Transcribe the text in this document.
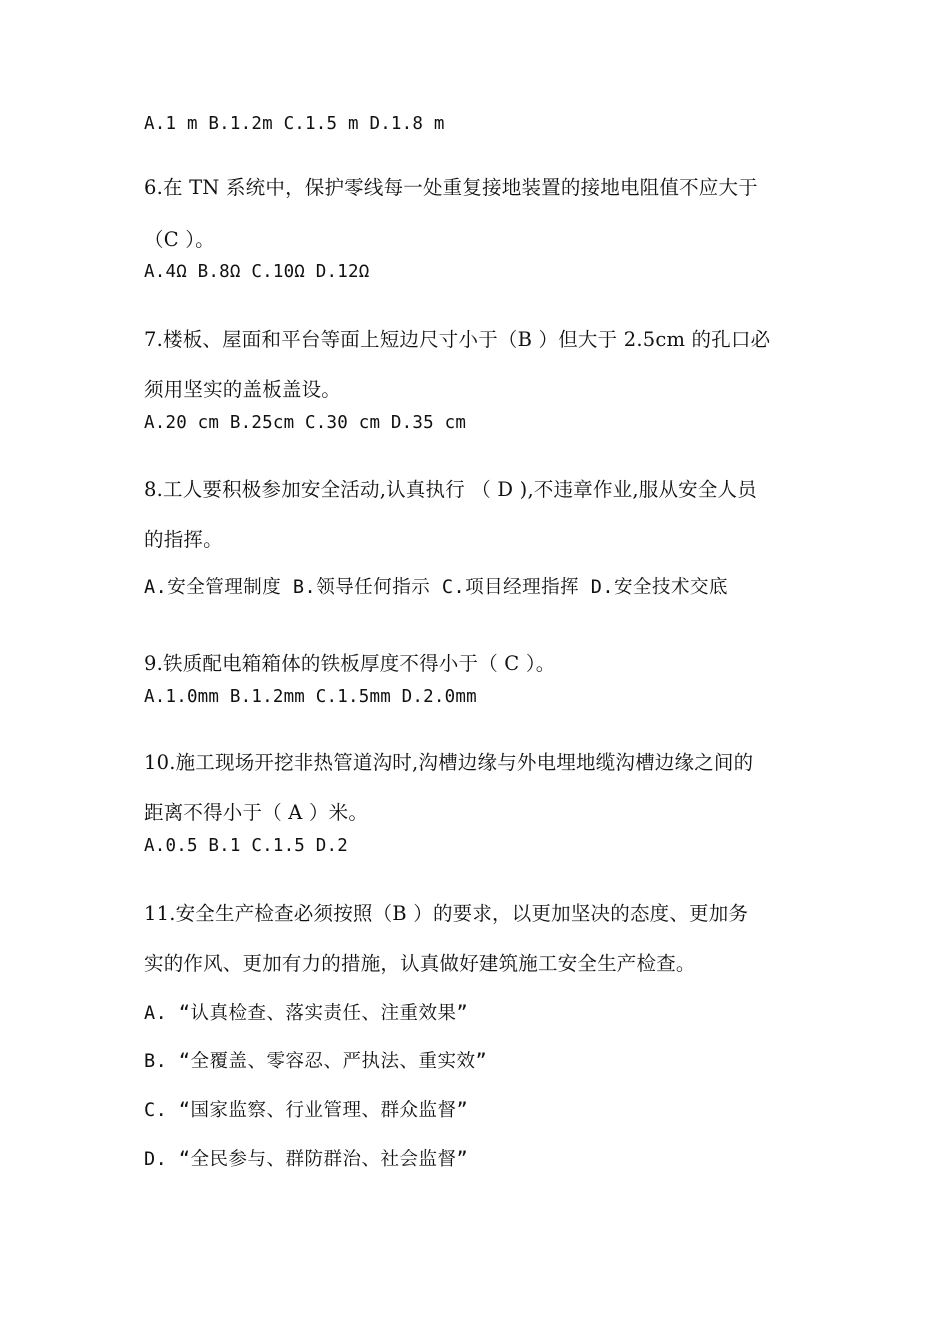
A.1 m B.1.2m C.1.5 m D.1.8 m
6.在 TN 系统中，保护零线每一处重复接地装置的接地电阻值不应大于
（C ）。
A.4Ω B.8Ω C.10Ω D.12Ω
7.楼板、屋面和平台等面上短边尺寸小于（B ）但大于 2.5cm 的孔口必
须用坚实的盖板盖设。
A.20 cm B.25cm C.30 cm D.35 cm
8.工人要积极参加安全活动,认真执行 （ D ),不违章作业,服从安全人员
的指挥。
A.安全管理制度 B.领导任何指示 C.项目经理指挥 D.安全技术交底
9.铁质配电箱箱体的铁板厚度不得小于（ C ）。
A.1.0mm B.1.2mm C.1.5mm D.2.0mm
10.施工现场开挖非热管道沟时,沟槽边缘与外电埋地缆沟槽边缘之间的
距离不得小于（ A ）米。
A.0.5 B.1 C.1.5 D.2
11.安全生产检查必须按照（B ）的要求，以更加坚决的态度、更加务
实的作风、更加有力的措施，认真做好建筑施工安全生产检查。
A. “认真检查、落实责任、注重效果”
B. “全覆盖、零容忍、严执法、重实效”
C. “国家监察、行业管理、群众监督”
D. “全民参与、群防群治、社会监督”
